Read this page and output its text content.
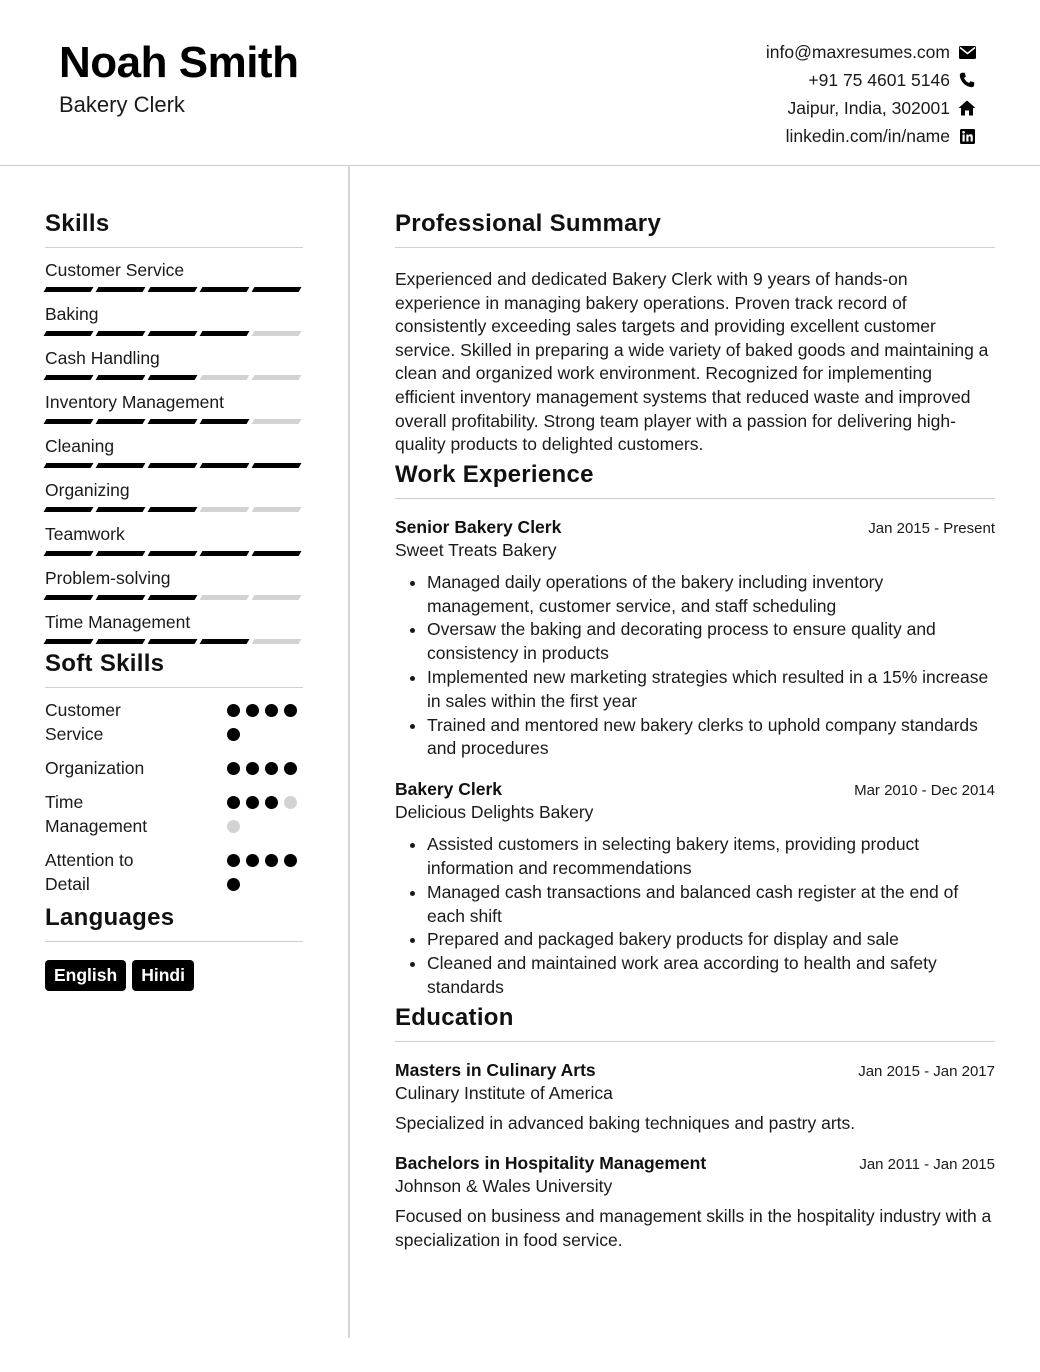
Noah Smith
Bakery Clerk
info@maxresumes.com
+91 75 4601 5146
Jaipur, India, 302001
linkedin.com/in/name
Skills
Customer Service
Baking
Cash Handling
Inventory Management
Cleaning
Organizing
Teamwork
Problem-solving
Time Management
Soft Skills
Customer Service
Organization
Time Management
Attention to Detail
Languages
English	Hindi
Professional Summary
Experienced and dedicated Bakery Clerk with 9 years of hands-on experience in managing bakery operations. Proven track record of consistently exceeding sales targets and providing excellent customer service. Skilled in preparing a wide variety of baked goods and maintaining a clean and organized work environment. Recognized for implementing efficient inventory management systems that reduced waste and improved overall profitability. Strong team player with a passion for delivering high-quality products to delighted customers.
Work Experience
Senior Bakery Clerk	Jan 2015 - Present
Sweet Treats Bakery
• Managed daily operations of the bakery including inventory management, customer service, and staff scheduling
• Oversaw the baking and decorating process to ensure quality and consistency in products
• Implemented new marketing strategies which resulted in a 15% increase in sales within the first year
• Trained and mentored new bakery clerks to uphold company standards and procedures
Bakery Clerk	Mar 2010 - Dec 2014
Delicious Delights Bakery
• Assisted customers in selecting bakery items, providing product information and recommendations
• Managed cash transactions and balanced cash register at the end of each shift
• Prepared and packaged bakery products for display and sale
• Cleaned and maintained work area according to health and safety standards
Education
Masters in Culinary Arts	Jan 2015 - Jan 2017
Culinary Institute of America
Specialized in advanced baking techniques and pastry arts.
Bachelors in Hospitality Management	Jan 2011 - Jan 2015
Johnson & Wales University
Focused on business and management skills in the hospitality industry with a specialization in food service.
